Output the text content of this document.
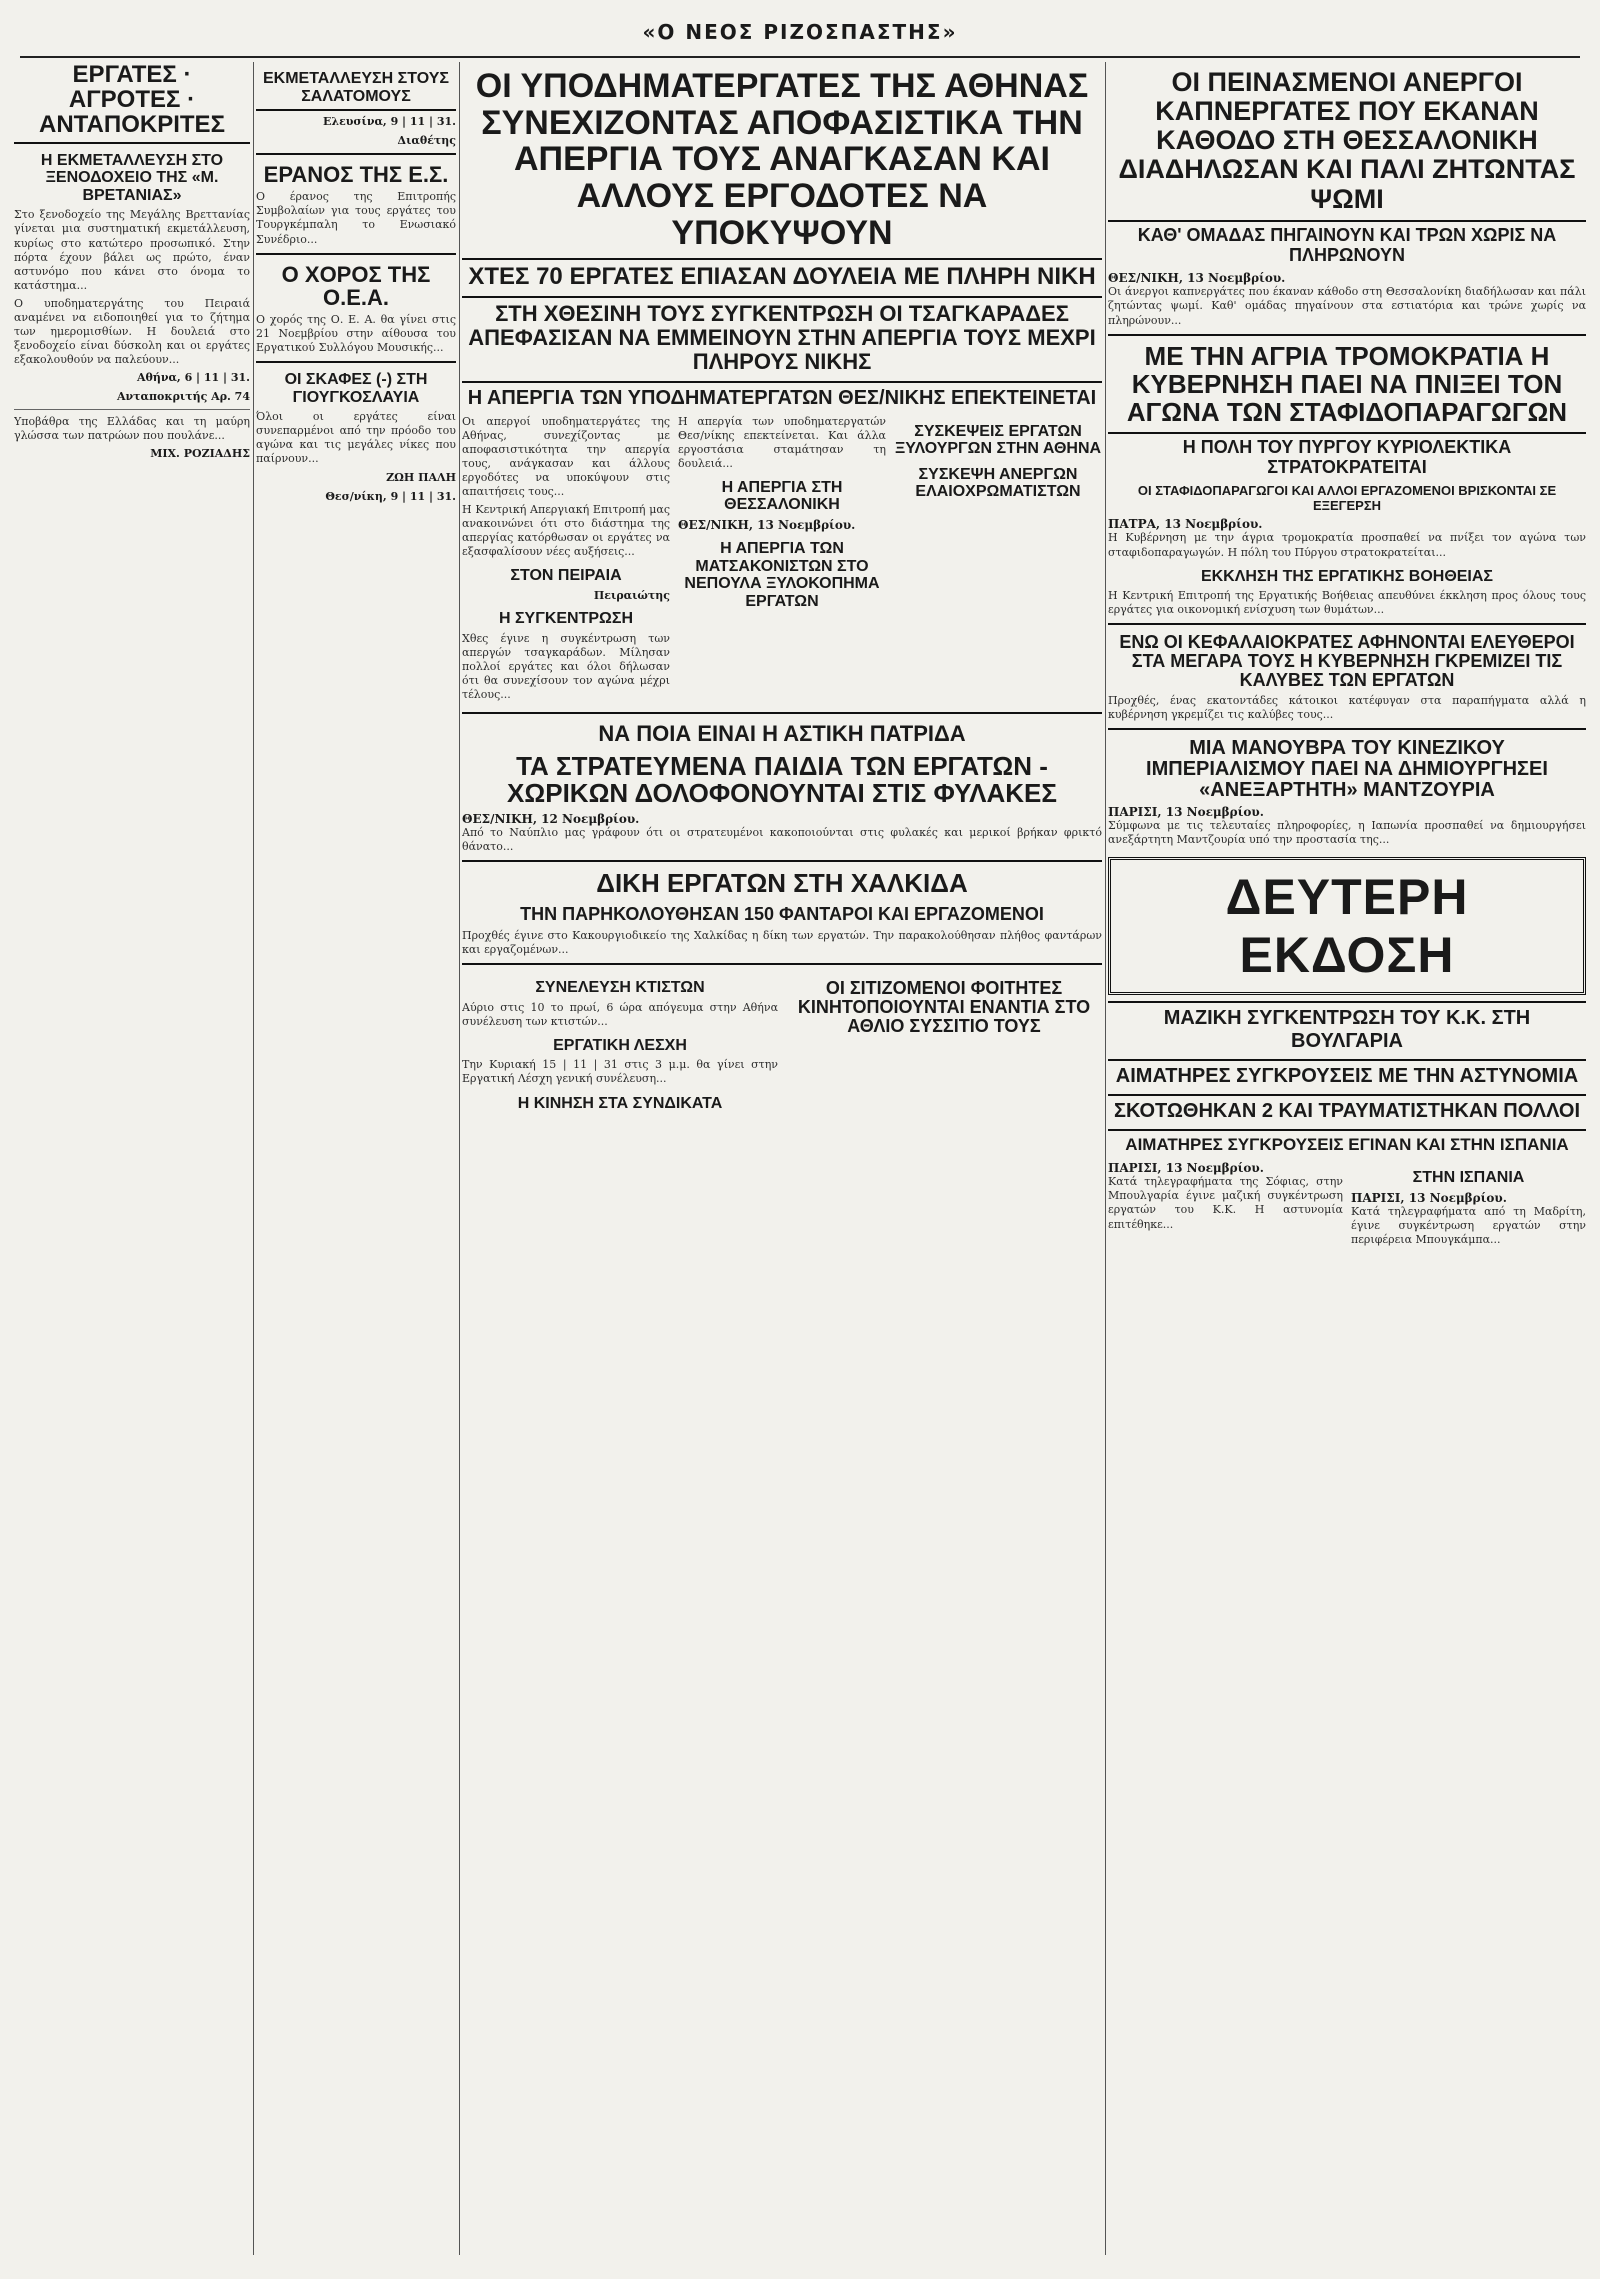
«Ο ΝΕΟΣ ΡΙΖΟΣΠΑΣΤΗΣ»
ΕΡΓΑΤΕΣ · ΑΓΡΟΤΕΣ · ΑΝΤΑΠΟΚΡΙΤΕΣ
Η ΕΚΜΕΤΑΛΛΕΥΣΗ ΣΤΟ ΞΕΝΟΔΟΧΕΙΟ ΤΗΣ «Μ. ΒΡΕΤΑΝΙΑΣ»

Στο ξενοδοχείο της Μεγάλης Βρεττανίας γίνεται μια συστηματική εκμετάλλευση, κυρίως στο κατώτερο προσωπικό. Στην πόρτα έχουν βάλει ως πρώτο, έναν αστυνόμο που κάνει στο όνομα το κατάστημα...

Ο υποδηματεργάτης του Πειραιά αναμένει να ειδοποιηθεί για το ζήτημα των ημερομισθίων. Η δουλειά στο ξενοδοχείο είναι δύσκολη και οι εργάτες εξακολουθούν να παλεύουν...

Αθήνα, 6 | 11 | 31.
Ανταποκριτής Αρ. 74

Υποβάθρα της Ελλάδας και τη μαύρη γλώσσα των πατρώων που πουλάνε...

ΜΙΧ. ΡΟΖΙΑΔΗΣ
ΕΚΜΕΤΑΛΛΕΥΣΗ ΣΤΟΥΣ ΣΑΛΑΤΟΜΟΥΣ
Ελευσίνα, 9 | 11 | 31.
Διαθέτης
ΕΡΑΝΟΣ ΤΗΣ Ε.Σ.

Ο έρανος της Επιτροπής Συμβολαίων για τους εργάτες του Τουργκέμπαλη το Ενωσιακό Συνέδριο...

Ο ΧΟΡΟΣ ΤΗΣ Ο.Ε.Α.

Ο χορός της Ο. Ε. Α. θα γίνει στις 21 Νοεμβρίου στην αίθουσα του Εργατικού Συλλόγου Μουσικής...

ΟΙ ΣΚΑΦΕΣ (-) ΣΤΗ ΓΙΟΥΓΚΟΣΛΑΥΙΑ

Όλοι οι εργάτες είναι συνεπαρμένοι από την πρόοδο του αγώνα και τις μεγάλες νίκες που παίρνουν...

ΖΩΗ ΠΑΛΗ
Θεσ/νίκη, 9 | 11 | 31.
ΟΙ ΥΠΟΔΗΜΑΤΕΡΓΑΤΕΣ ΤΗΣ ΑΘΗΝΑΣ ΣΥΝΕΧΙΖΟΝΤΑΣ ΑΠΟΦΑΣΙΣΤΙΚΑ ΤΗΝ ΑΠΕΡΓΙΑ ΤΟΥΣ ΑΝΑΓΚΑΣΑΝ ΚΑΙ ΑΛΛΟΥΣ ΕΡΓΟΔΟΤΕΣ ΝΑ ΥΠΟΚΥΨΟΥΝ
ΧΤΕΣ 70 ΕΡΓΑΤΕΣ ΕΠΙΑΣΑΝ ΔΟΥΛΕΙΑ ΜΕ ΠΛΗΡΗ ΝΙΚΗ
ΣΤΗ ΧΘΕΣΙΝΗ ΤΟΥΣ ΣΥΓΚΕΝΤΡΩΣΗ ΟΙ ΤΣΑΓΚΑΡΑΔΕΣ ΑΠΕΦΑΣΙΣΑΝ ΝΑ ΕΜΜΕΙΝΟΥΝ ΣΤΗΝ ΑΠΕΡΓΙΑ ΤΟΥΣ ΜΕΧΡΙ ΠΛΗΡΟΥΣ ΝΙΚΗΣ
Η ΑΠΕΡΓΙΑ ΤΩΝ ΥΠΟΔΗΜΑΤΕΡΓΑΤΩΝ ΘΕΣ/ΝΙΚΗΣ ΕΠΕΚΤΕΙΝΕΤΑΙ

Οι απεργοί υποδηματεργάτες της Αθήνας, συνεχίζοντας με αποφασιστικότητα την απεργία τους, ανάγκασαν και άλλους εργοδότες να υποκύψουν στις απαιτήσεις τους...

Η Κεντρική Απεργιακή Επιτροπή μας ανακοινώνει ότι στο διάστημα της απεργίας κατόρθωσαν οι εργάτες να εξασφαλίσουν νέες αυξήσεις...

ΣΤΟΝ ΠΕΙΡΑΙΑ
Πειραιώτης
Η ΣΥΓΚΕΝΤΡΩΣΗ

Χθες έγινε η συγκέντρωση των απεργών τσαγκαράδων. Μίλησαν πολλοί εργάτες και όλοι δήλωσαν ότι θα συνεχίσουν τον αγώνα μέχρι τέλους...

Η απεργία των υποδηματεργατών Θεσ/νίκης επεκτείνεται. Και άλλα εργοστάσια σταμάτησαν τη δουλειά...

Η ΑΠΕΡΓΙΑ ΣΤΗ ΘΕΣΣΑΛΟΝΙΚΗ
ΘΕΣ/ΝΙΚΗ, 13 Νοεμβρίου.
Η ΑΠΕΡΓΙΑ ΤΩΝ ΜΑΤΣΑΚΟΝΙΣΤΩΝ ΣΤΟ ΝΕΠΟΥΛΑ ΞΥΛΟΚΟΠΗΜΑ ΕΡΓΑΤΩΝ
ΣΥΣΚΕΨΕΙΣ ΕΡΓΑΤΩΝ ΞΥΛΟΥΡΓΩΝ ΣΤΗΝ ΑΘΗΝΑ
ΣΥΣΚΕΨΗ ΑΝΕΡΓΩΝ ΕΛΑΙΟΧΡΩΜΑΤΙΣΤΩΝ
ΝΑ ΠΟΙΑ ΕΙΝΑΙ Η ΑΣΤΙΚΗ ΠΑΤΡΙΔΑ
ΤΑ ΣΤΡΑΤΕΥΜΕΝΑ ΠΑΙΔΙΑ ΤΩΝ ΕΡΓΑΤΩΝ - ΧΩΡΙΚΩΝ ΔΟΛΟΦΟΝΟΥΝΤΑΙ ΣΤΙΣ ΦΥΛΑΚΕΣ
ΘΕΣ/ΝΙΚΗ, 12 Νοεμβρίου.

Από το Ναύπλιο μας γράφουν ότι οι στρατευμένοι κακοποιούνται στις φυλακές και μερικοί βρήκαν φρικτό θάνατο...

ΔΙΚΗ ΕΡΓΑΤΩΝ ΣΤΗ ΧΑΛΚΙΔΑ
ΤΗΝ ΠΑΡΗΚΟΛΟΥΘΗΣΑΝ 150 ΦΑΝΤΑΡΟΙ ΚΑΙ ΕΡΓΑΖΟΜΕΝΟΙ

Προχθές έγινε στο Κακουργιοδικείο της Χαλκίδας η δίκη των εργατών. Την παρακολούθησαν πλήθος φαντάρων και εργαζομένων...

ΣΥΝΕΛΕΥΣΗ ΚΤΙΣΤΩΝ

Αύριο στις 10 το πρωί, 6 ώρα απόγευμα στην Αθήνα συνέλευση των κτιστών...

ΕΡΓΑΤΙΚΗ ΛΕΣΧΗ

Την Κυριακή 15 | 11 | 31 στις 3 μ.μ. θα γίνει στην Εργατική Λέσχη γενική συνέλευση...

Η ΚΙΝΗΣΗ ΣΤΑ ΣΥΝΔΙΚΑΤΑ
ΟΙ ΣΙΤΙΖΟΜΕΝΟΙ ΦΟΙΤΗΤΕΣ ΚΙΝΗΤΟΠΟΙΟΥΝΤΑΙ ΕΝΑΝΤΙΑ ΣΤΟ ΑΘΛΙΟ ΣΥΣΣΙΤΙΟ ΤΟΥΣ
ΟΙ ΠΕΙΝΑΣΜΕΝΟΙ ΑΝΕΡΓΟΙ ΚΑΠΝΕΡΓΑΤΕΣ ΠΟΥ ΕΚΑΝΑΝ ΚΑΘΟΔΟ ΣΤΗ ΘΕΣΣΑΛΟΝΙΚΗ ΔΙΑΔΗΛΩΣΑΝ ΚΑΙ ΠΑΛΙ ΖΗΤΩΝΤΑΣ ΨΩΜΙ
ΚΑΘ' ΟΜΑΔΑΣ ΠΗΓΑΙΝΟΥΝ ΚΑΙ ΤΡΩΝ ΧΩΡΙΣ ΝΑ ΠΛΗΡΩΝΟΥΝ
ΘΕΣ/ΝΙΚΗ, 13 Νοεμβρίου.

Οι άνεργοι καπνεργάτες που έκαναν κάθοδο στη Θεσσαλονίκη διαδήλωσαν και πάλι ζητώντας ψωμί. Καθ' ομάδας πηγαίνουν στα εστιατόρια και τρώνε χωρίς να πληρώνουν...

ΜΕ ΤΗΝ ΑΓΡΙΑ ΤΡΟΜΟΚΡΑΤΙΑ Η ΚΥΒΕΡΝΗΣΗ ΠΑΕΙ ΝΑ ΠΝΙΞΕΙ ΤΟΝ ΑΓΩΝΑ ΤΩΝ ΣΤΑΦΙΔΟΠΑΡΑΓΩΓΩΝ
Η ΠΟΛΗ ΤΟΥ ΠΥΡΓΟΥ ΚΥΡΙΟΛΕΚΤΙΚΑ ΣΤΡΑΤΟΚΡΑΤΕΙΤΑΙ
ΟΙ ΣΤΑΦΙΔΟΠΑΡΑΓΩΓΟΙ ΚΑΙ ΑΛΛΟΙ ΕΡΓΑΖΟΜΕΝΟΙ ΒΡΙΣΚΟΝΤΑΙ ΣΕ ΕΞΕΓΕΡΣΗ
ΠΑΤΡΑ, 13 Νοεμβρίου.

Η Κυβέρνηση με την άγρια τρομοκρατία προσπαθεί να πνίξει τον αγώνα των σταφιδοπαραγωγών. Η πόλη του Πύργου στρατοκρατείται...

ΕΚΚΛΗΣΗ ΤΗΣ ΕΡΓΑΤΙΚΗΣ ΒΟΗΘΕΙΑΣ

Η Κεντρική Επιτροπή της Εργατικής Βοήθειας απευθύνει έκκληση προς όλους τους εργάτες για οικονομική ενίσχυση των θυμάτων...

ΕΝΩ ΟΙ ΚΕΦΑΛΑΙΟΚΡΑΤΕΣ ΑΦΗΝΟΝΤΑΙ ΕΛΕΥΘΕΡΟΙ ΣΤΑ ΜΕΓΑΡΑ ΤΟΥΣ Η ΚΥΒΕΡΝΗΣΗ ΓΚΡΕΜΙΖΕΙ ΤΙΣ ΚΑΛΥΒΕΣ ΤΩΝ ΕΡΓΑΤΩΝ

Προχθές, ένας εκατοντάδες κάτοικοι κατέφυγαν στα παραπήγματα αλλά η κυβέρνηση γκρεμίζει τις καλύβες τους...

ΜΙΑ ΜΑΝΟΥΒΡΑ ΤΟΥ ΚΙΝΕΖΙΚΟΥ ΙΜΠΕΡΙΑΛΙΣΜΟΥ ΠΑΕΙ ΝΑ ΔΗΜΙΟΥΡΓΗΣΕΙ «ΑΝΕΞΑΡΤΗΤΗ» ΜΑΝΤΖΟΥΡΙΑ
ΠΑΡΙΣΙ, 13 Νοεμβρίου.

Σύμφωνα με τις τελευταίες πληροφορίες, η Ιαπωνία προσπαθεί να δημιουργήσει ανεξάρτητη Μαντζουρία υπό την προστασία της...

ΔΕΥΤΕΡΗ ΕΚΔΟΣΗ
ΜΑΖΙΚΗ ΣΥΓΚΕΝΤΡΩΣΗ ΤΟΥ Κ.Κ. ΣΤΗ ΒΟΥΛΓΑΡΙΑ
ΑΙΜΑΤΗΡΕΣ ΣΥΓΚΡΟΥΣΕΙΣ ΜΕ ΤΗΝ ΑΣΤΥΝΟΜΙΑ
ΣΚΟΤΩΘΗΚΑΝ 2 ΚΑΙ ΤΡΑΥΜΑΤΙΣΤΗΚΑΝ ΠΟΛΛΟΙ
ΑΙΜΑΤΗΡΕΣ ΣΥΓΚΡΟΥΣΕΙΣ ΕΓΙΝΑΝ ΚΑΙ ΣΤΗΝ ΙΣΠΑΝΙΑ
ΠΑΡΙΣΙ, 13 Νοεμβρίου.

Κατά τηλεγραφήματα της Σόφιας, στην Μπουλγαρία έγινε μαζική συγκέντρωση εργατών του Κ.Κ. Η αστυνομία επιτέθηκε...

ΣΤΗΝ ΙΣΠΑΝΙΑ
ΠΑΡΙΣΙ, 13 Νοεμβρίου.

Κατά τηλεγραφήματα από τη Μαδρίτη, έγινε συγκέντρωση εργατών στην περιφέρεια Μπουγκάμπα...
